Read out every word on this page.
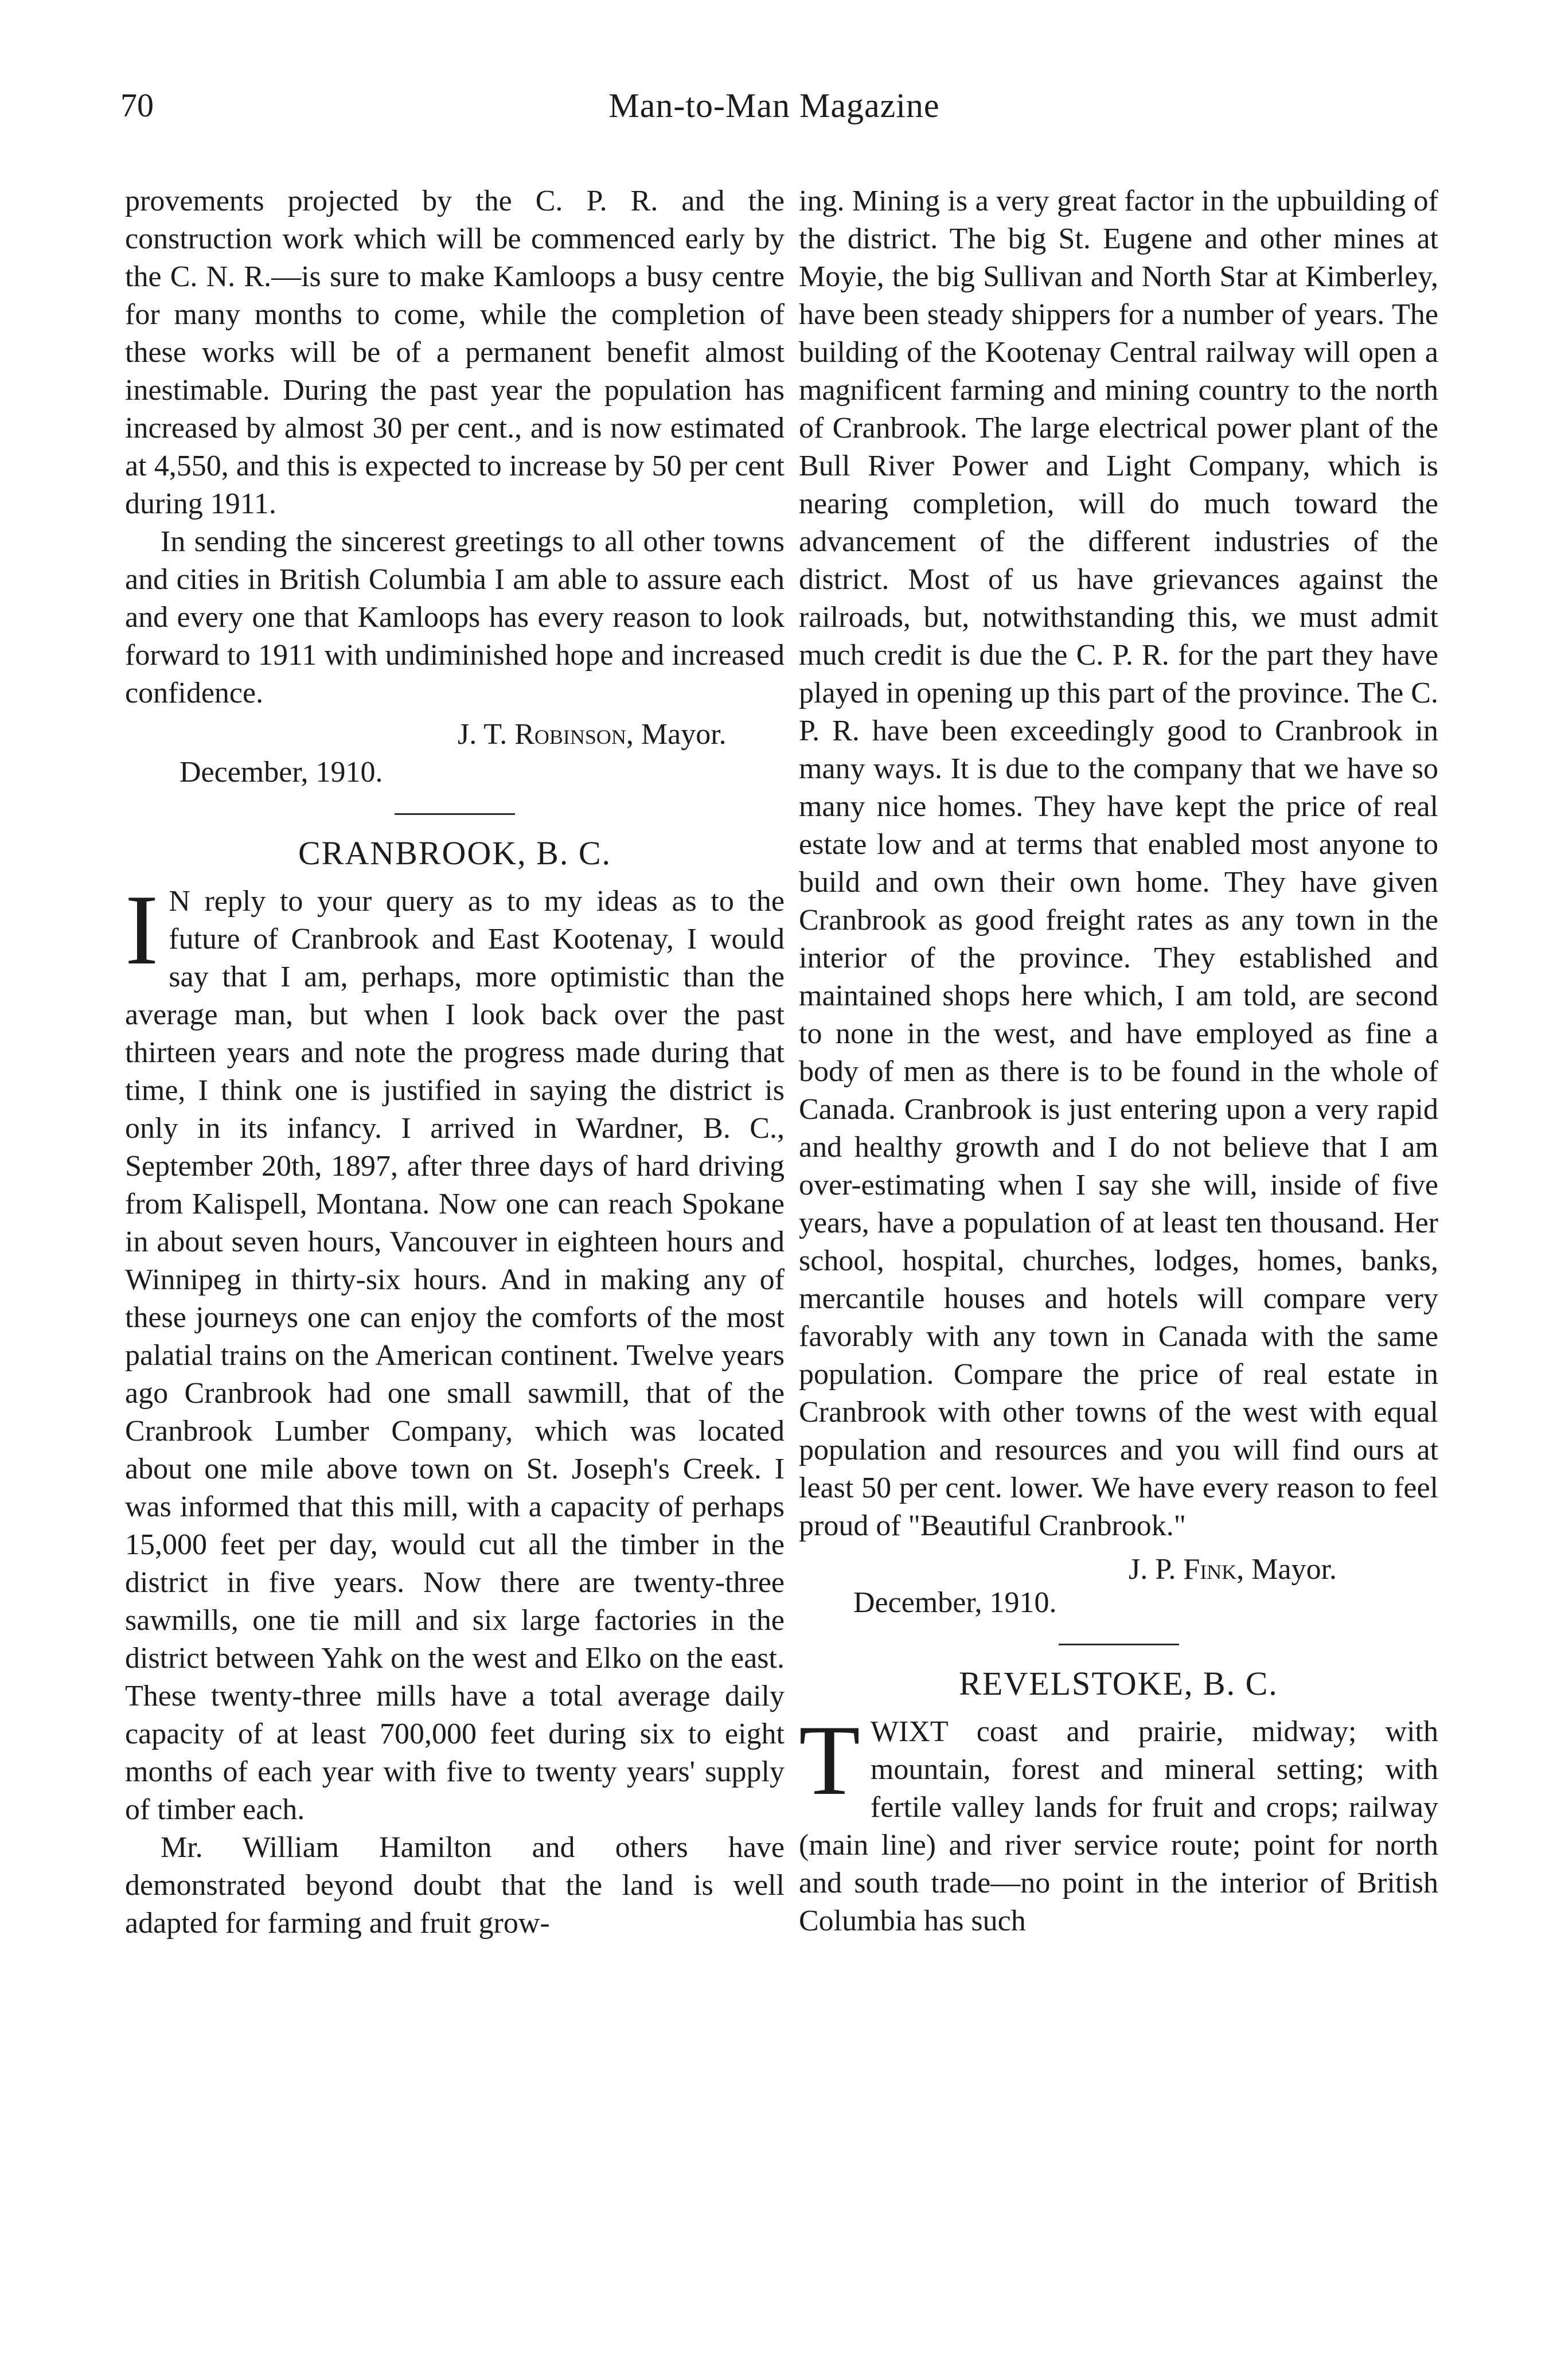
70	Man-to-Man Magazine

provements projected by the C. P. R. and the construction work which will be commenced early by the C. N. R.—is sure to make Kamloops a busy centre for many months to come, while the completion of these works will be of a permanent benefit almost inestimable. During the past year the population has increased by almost 30 per cent., and is now estimated at 4,550, and this is expected to increase by 50 per cent during 1911.

In sending the sincerest greetings to all other towns and cities in British Columbia I am able to assure each and every one that Kamloops has every reason to look forward to 1911 with undiminished hope and increased confidence.

J. T. Robinson, Mayor.

December, 1910.

CRANBROOK, B. C.

I N reply to your query as to my ideas as to the future of Cranbrook and East Kootenay, I would say that I am, perhaps, more optimistic than the average man, but when I look back over the past thirteen years and note the progress made during that time, I think one is justified in saying the district is only in its infancy. I arrived in Wardner, B. C., September 20th, 1897, after three days of hard driving from Kalispell, Montana. Now one can reach Spokane in about seven hours, Vancouver in eighteen hours and Winnipeg in thirty-six hours. And in making any of these journeys one can enjoy the comforts of the most palatial trains on the American continent. Twelve years ago Cranbrook had one small sawmill, that of the Cranbrook Lumber Company, which was located about one mile above town on St. Joseph's Creek. I was informed that this mill, with a capacity of perhaps 15,000 feet per day, would cut all the timber in the district in five years. Now there are twenty-three sawmills, one tie mill and six large factories in the district between Yahk on the west and Elko on the east. These twenty-three mills have a total average daily capacity of at least 700,000 feet during six to eight months of each year with five to twenty years' supply of timber each.

Mr. William Hamilton and others have demonstrated beyond doubt that the land is well adapted for farming and fruit grow-

ing. Mining is a very great factor in the upbuilding of the district. The big St. Eugene and other mines at Moyie, the big Sullivan and North Star at Kimberley, have been steady shippers for a number of years. The building of the Kootenay Central railway will open a magnificent farming and mining country to the north of Cranbrook. The large electrical power plant of the Bull River Power and Light Company, which is nearing completion, will do much toward the advancement of the different industries of the district. Most of us have grievances against the railroads, but, notwithstanding this, we must admit much credit is due the C. P. R. for the part they have played in opening up this part of the province. The C. P. R. have been exceedingly good to Cranbrook in many ways. It is due to the company that we have so many nice homes. They have kept the price of real estate low and at terms that enabled most anyone to build and own their own home. They have given Cranbrook as good freight rates as any town in the interior of the province. They established and maintained shops here which, I am told, are second to none in the west, and have employed as fine a body of men as there is to be found in the whole of Canada. Cranbrook is just entering upon a very rapid and healthy growth and I do not believe that I am over-estimating when I say she will, inside of five years, have a population of at least ten thousand. Her school, hospital, churches, lodges, homes, banks, mercantile houses and hotels will compare very favorably with any town in Canada with the same population. Compare the price of real estate in Cranbrook with other towns of the west with equal population and resources and you will find ours at least 50 per cent. lower. We have every reason to feel proud of "Beautiful Cranbrook."

J. P. Fink, Mayor.

December, 1910.

REVELSTOKE, B. C.

TWIXT coast and prairie, midway; with mountain, forest and mineral setting; with fertile valley lands for fruit and crops; railway (main line) and river service route; point for north and south trade—no point in the interior of British Columbia has such
